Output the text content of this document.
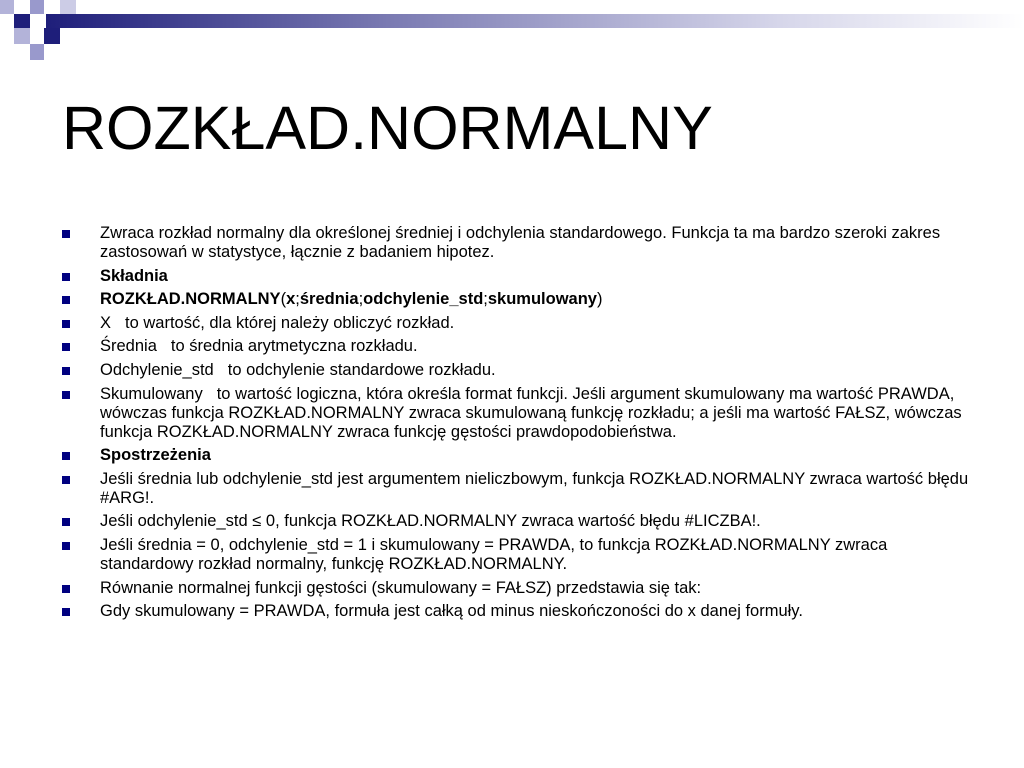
ROZKŁAD.NORMALNY
Zwraca rozkład normalny dla określonej średniej i odchylenia standardowego. Funkcja ta ma bardzo szeroki zakres zastosowań w statystyce, łącznie z badaniem hipotez.
Składnia
ROZKŁAD.NORMALNY(x;średnia;odchylenie_std;skumulowany)
X to wartość, dla której należy obliczyć rozkład.
Średnia to średnia arytmetyczna rozkładu.
Odchylenie_std to odchylenie standardowe rozkładu.
Skumulowany to wartość logiczna, która określa format funkcji. Jeśli argument skumulowany ma wartość PRAWDA, wówczas funkcja ROZKŁAD.NORMALNY zwraca skumulowaną funkcję rozkładu; a jeśli ma wartość FAŁSZ, wówczas funkcja ROZKŁAD.NORMALNY zwraca funkcję gęstości prawdopodobieństwa.
Spostrzeżenia
Jeśli średnia lub odchylenie_std jest argumentem nieliczbowym, funkcja ROZKŁAD.NORMALNY zwraca wartość błędu #ARG!.
Jeśli odchylenie_std ≤ 0, funkcja ROZKŁAD.NORMALNY zwraca wartość błędu #LICZBA!.
Jeśli średnia = 0, odchylenie_std = 1 i skumulowany = PRAWDA, to funkcja ROZKŁAD.NORMALNY zwraca standardowy rozkład normalny, funkcję ROZKŁAD.NORMALNY.
Równanie normalnej funkcji gęstości (skumulowany = FAŁSZ) przedstawia się tak:
Gdy skumulowany = PRAWDA, formuła jest całką od minus nieskończoności do x danej formuły.
